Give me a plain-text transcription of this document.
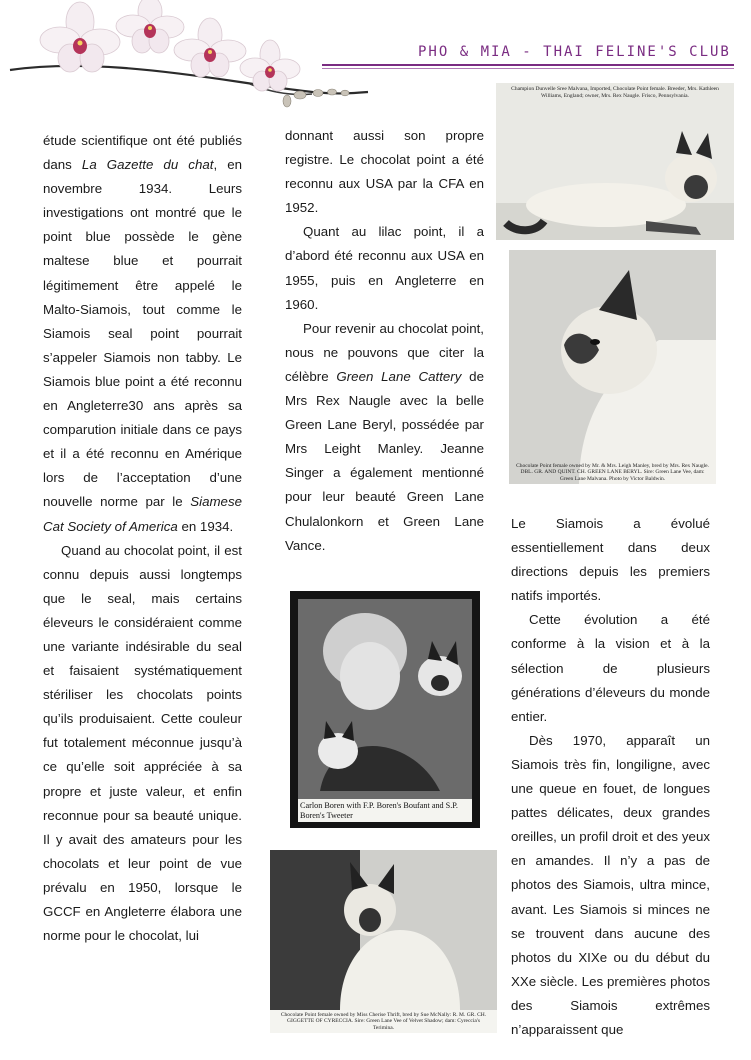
PHO & MIA - THAI FELINE'S CLUB

étude scientifique ont été publiés dans La Gazette du chat, en novembre 1934. Leurs investigations ont montré que le point blue possède le gène maltese blue et pourrait légitimement être appelé le Malto-Siamois, tout comme le Siamois seal point pourrait s’appeler Siamois non tabby. Le Siamois blue point a été reconnu en Angleterre30 ans après sa comparution initiale dans ce pays et il a été reconnu en Amérique lors de l’acceptation d’une nouvelle norme par le Siamese Cat Society of America en 1934.

Quand au chocolat point, il est connu depuis aussi longtemps que le seal, mais certains éleveurs le considéraient comme une variante indésirable du seal et faisaient systématiquement stériliser les chocolats points qu’ils produisaient. Cette couleur fut totalement méconnue jusqu’à ce qu’elle soit appréciée à sa propre et juste valeur, et enfin reconnue pour sa beauté unique. Il y avait des amateurs pour les chocolats et leur point de vue prévalu en 1950, lorsque le GCCF en Angleterre élabora une norme pour le chocolat, lui

donnant aussi son propre registre. Le chocolat point a été reconnu aux USA par la CFA en 1952.

Quant au lilac point, il a d’abord été reconnu aux USA en 1955, puis en Angleterre en 1960.

Pour revenir au chocolat point, nous ne pouvons que citer la célèbre Green Lane Cattery de Mrs Rex Naugle avec la belle Green Lane Beryl, possédée par Mrs Leight Manley. Jeanne Singer a également mentionné pour leur beauté Green Lane Chulalonkorn et Green Lane Vance.

Le Siamois a évolué essentiellement dans deux directions depuis les premiers natifs importés.

Cette évolution a été conforme à la vision et à la sélection de plusieurs générations d’éleveurs du monde entier.

Dès 1970, apparaît un Siamois très fin, longiligne, avec une queue en fouet, de longues pattes délicates, deux grandes oreilles, un profil droit et des yeux en amandes. Il n’y a pas de photos des Siamois, ultra mince, avant. Les Siamois si minces ne se trouvent dans aucune des photos du XIXe ou du début du XXe siècle. Les premières photos des Siamois extrêmes n’apparaissent que

Champion Dunvelle Sree Malvana, Imported, Chocolate Point female. Breeder, Mrs. Kathleen Williams, England; owner, Mrs. Rex Naugle. Frisco, Pennsylvania.
Chocolate Point female owned by Mr. & Mrs. Leigh Manley, bred by Mrs. Rex Naugle. DBL. GR. AND QUINT. CH. GREEN LANE BERYL. Sire: Green Lane Vee, dam: Green Lane Malvana. Photo by Victor Baldwin.
Carlon Boren with F.P. Boren's Boufant and S.P. Boren's Tweeter
Chocolate Point female owned by Miss Cherise Thrift, bred by Sue McNally: R. M. GR. CH. GIGGETTE OF CYRECCIA. Sire: Green Lane Vee of Velvet Shadow; dam: Cyreccia's Terimina.
